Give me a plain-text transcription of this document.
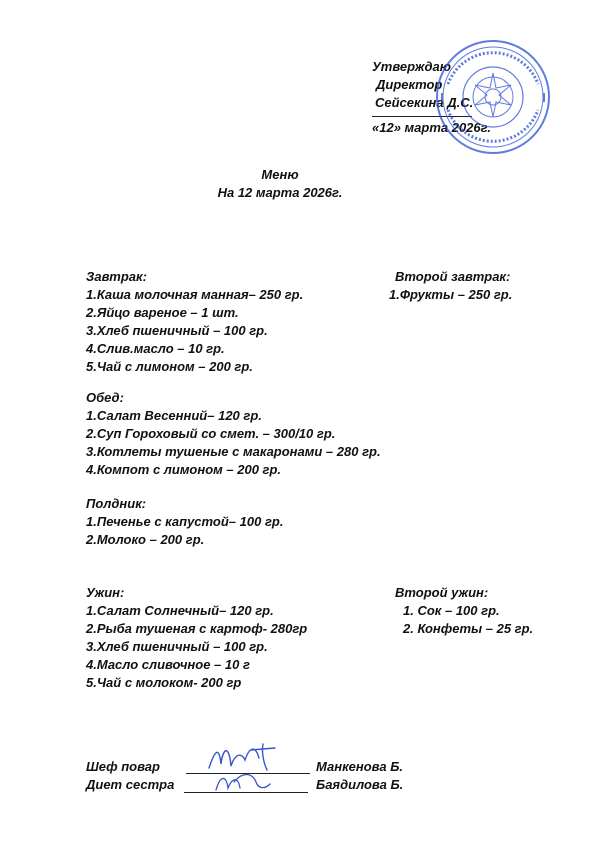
Утверждаю
Директор
Сейсекина Д.С.
«12» марта 2026г.
Меню
На 12 марта 2026г.
Завтрак:
1.Каша молочная манная– 250 гр.
2.Яйцо вареное – 1 шт.
3.Хлеб пшеничный – 100 гр.
4.Слив.масло – 10 гр.
5.Чай с лимоном – 200 гр.
Второй завтрак:
1.Фрукты – 250 гр.
Обед:
1.Салат Весенний– 120 гр.
2.Суп Гороховый со смет. – 300/10 гр.
3.Котлеты тушеные с макаронами – 280 гр.
4.Компот с лимоном – 200 гр.
Полдник:
1.Печенье с капустой– 100 гр.
2.Молоко – 200 гр.
Ужин:
1.Салат Солнечный– 120 гр.
2.Рыба тушеная с картоф- 280гр
3.Хлеб пшеничный – 100 гр.
4.Масло сливочное – 10 г
5.Чай с молоком- 200 гр
Второй ужин:
1. Сок – 100 гр.
2. Конфеты – 25 гр.
Шеф повар	Манкенова Б.
Диет сестра	Баядилова Б.
